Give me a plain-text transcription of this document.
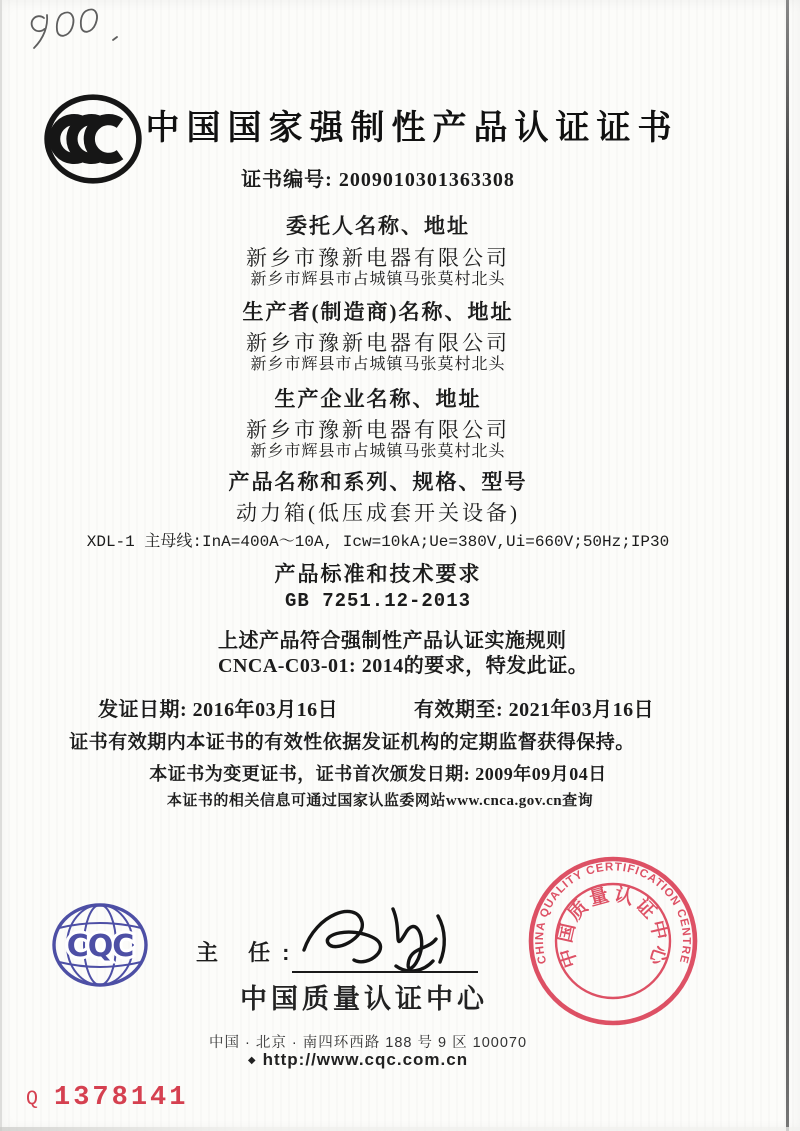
中国国家强制性产品认证证书
证书编号: 2009010301363308
委托人名称、地址
新乡市豫新电器有限公司
新乡市辉县市占城镇马张莫村北头
生产者(制造商)名称、地址
新乡市豫新电器有限公司
新乡市辉县市占城镇马张莫村北头
生产企业名称、地址
新乡市豫新电器有限公司
新乡市辉县市占城镇马张莫村北头
产品名称和系列、规格、型号
动力箱(低压成套开关设备)
XDL-1 主母线:InA=400A～10A, Icw=10kA;Ue=380V,Ui=660V;50Hz;IP30
产品标准和技术要求
GB 7251.12-2013
上述产品符合强制性产品认证实施规则
CNCA-C03-01: 2014的要求，特发此证。
发证日期: 2016年03月16日	有效期至: 2021年03月16日
证书有效期内本证书的有效性依据发证机构的定期监督获得保持。
本证书为变更证书，证书首次颁发日期: 2009年09月04日
本证书的相关信息可通过国家认监委网站www.cnca.gov.cn查询
CQC	主 任:
中国质量认证中心
中国 · 北京 · 南四环西路 188 号 9 区 100070
◆ http://www.cqc.com.cn
CHINA QUALITY CERTIFICATION CENTRE
中国质量认证中心
Q 1378141
